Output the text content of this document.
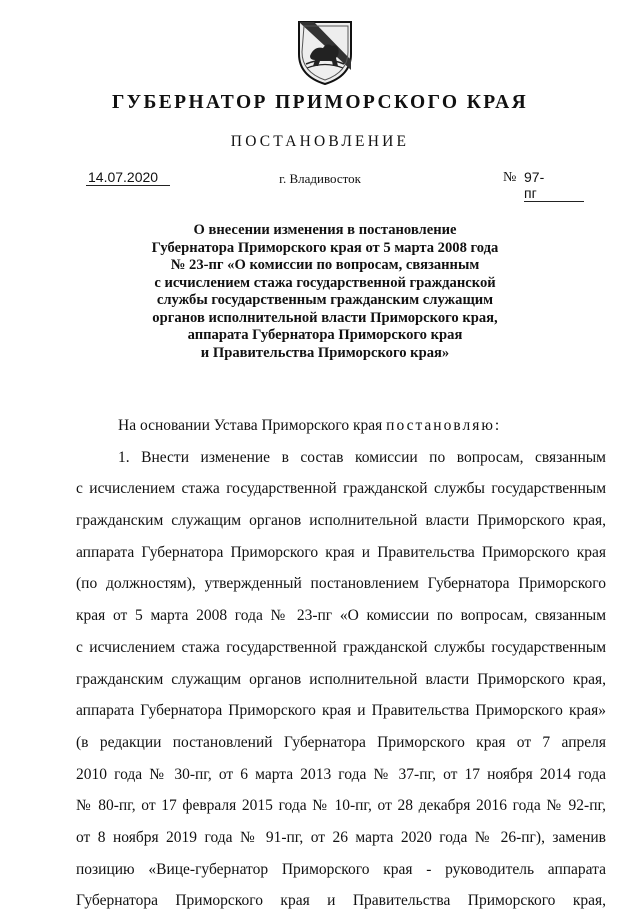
ГУБЕРНАТОР ПРИМОРСКОГО КРАЯ
ПОСТАНОВЛЕНИЕ
14.07.2020	г. Владивосток	№ 97-пг
О внесении изменения в постановление
Губернатора Приморского края от 5 марта 2008 года
№ 23-пг «О комиссии по вопросам, связанным
с исчислением стажа государственной гражданской
службы государственным гражданским служащим
органов исполнительной власти Приморского края,
аппарата Губернатора Приморского края
и Правительства Приморского края»
На основании Устава Приморского края постановляю:
1. Внести изменение в состав комиссии по вопросам, связанным
с исчислением стажа государственной гражданской службы государственным
гражданским служащим органов исполнительной власти Приморского края,
аппарата Губернатора Приморского края и Правительства Приморского края
(по должностям), утвержденный постановлением Губернатора Приморского
края от 5 марта 2008 года № 23-пг «О комиссии по вопросам, связанным
с исчислением стажа государственной гражданской службы государственным
гражданским служащим органов исполнительной власти Приморского края,
аппарата Губернатора Приморского края и Правительства Приморского края»
(в редакции постановлений Губернатора Приморского края от 7 апреля
2010 года № 30-пг, от 6 марта 2013 года № 37-пг, от 17 ноября 2014 года
№ 80-пг, от 17 февраля 2015 года № 10-пг, от 28 декабря 2016 года № 92-пг,
от 8 ноября 2019 года № 91-пг, от 26 марта 2020 года № 26-пг), заменив
позицию «Вице-губернатор Приморского края - руководитель аппарата
Губернатора Приморского края и Правительства Приморского края,
